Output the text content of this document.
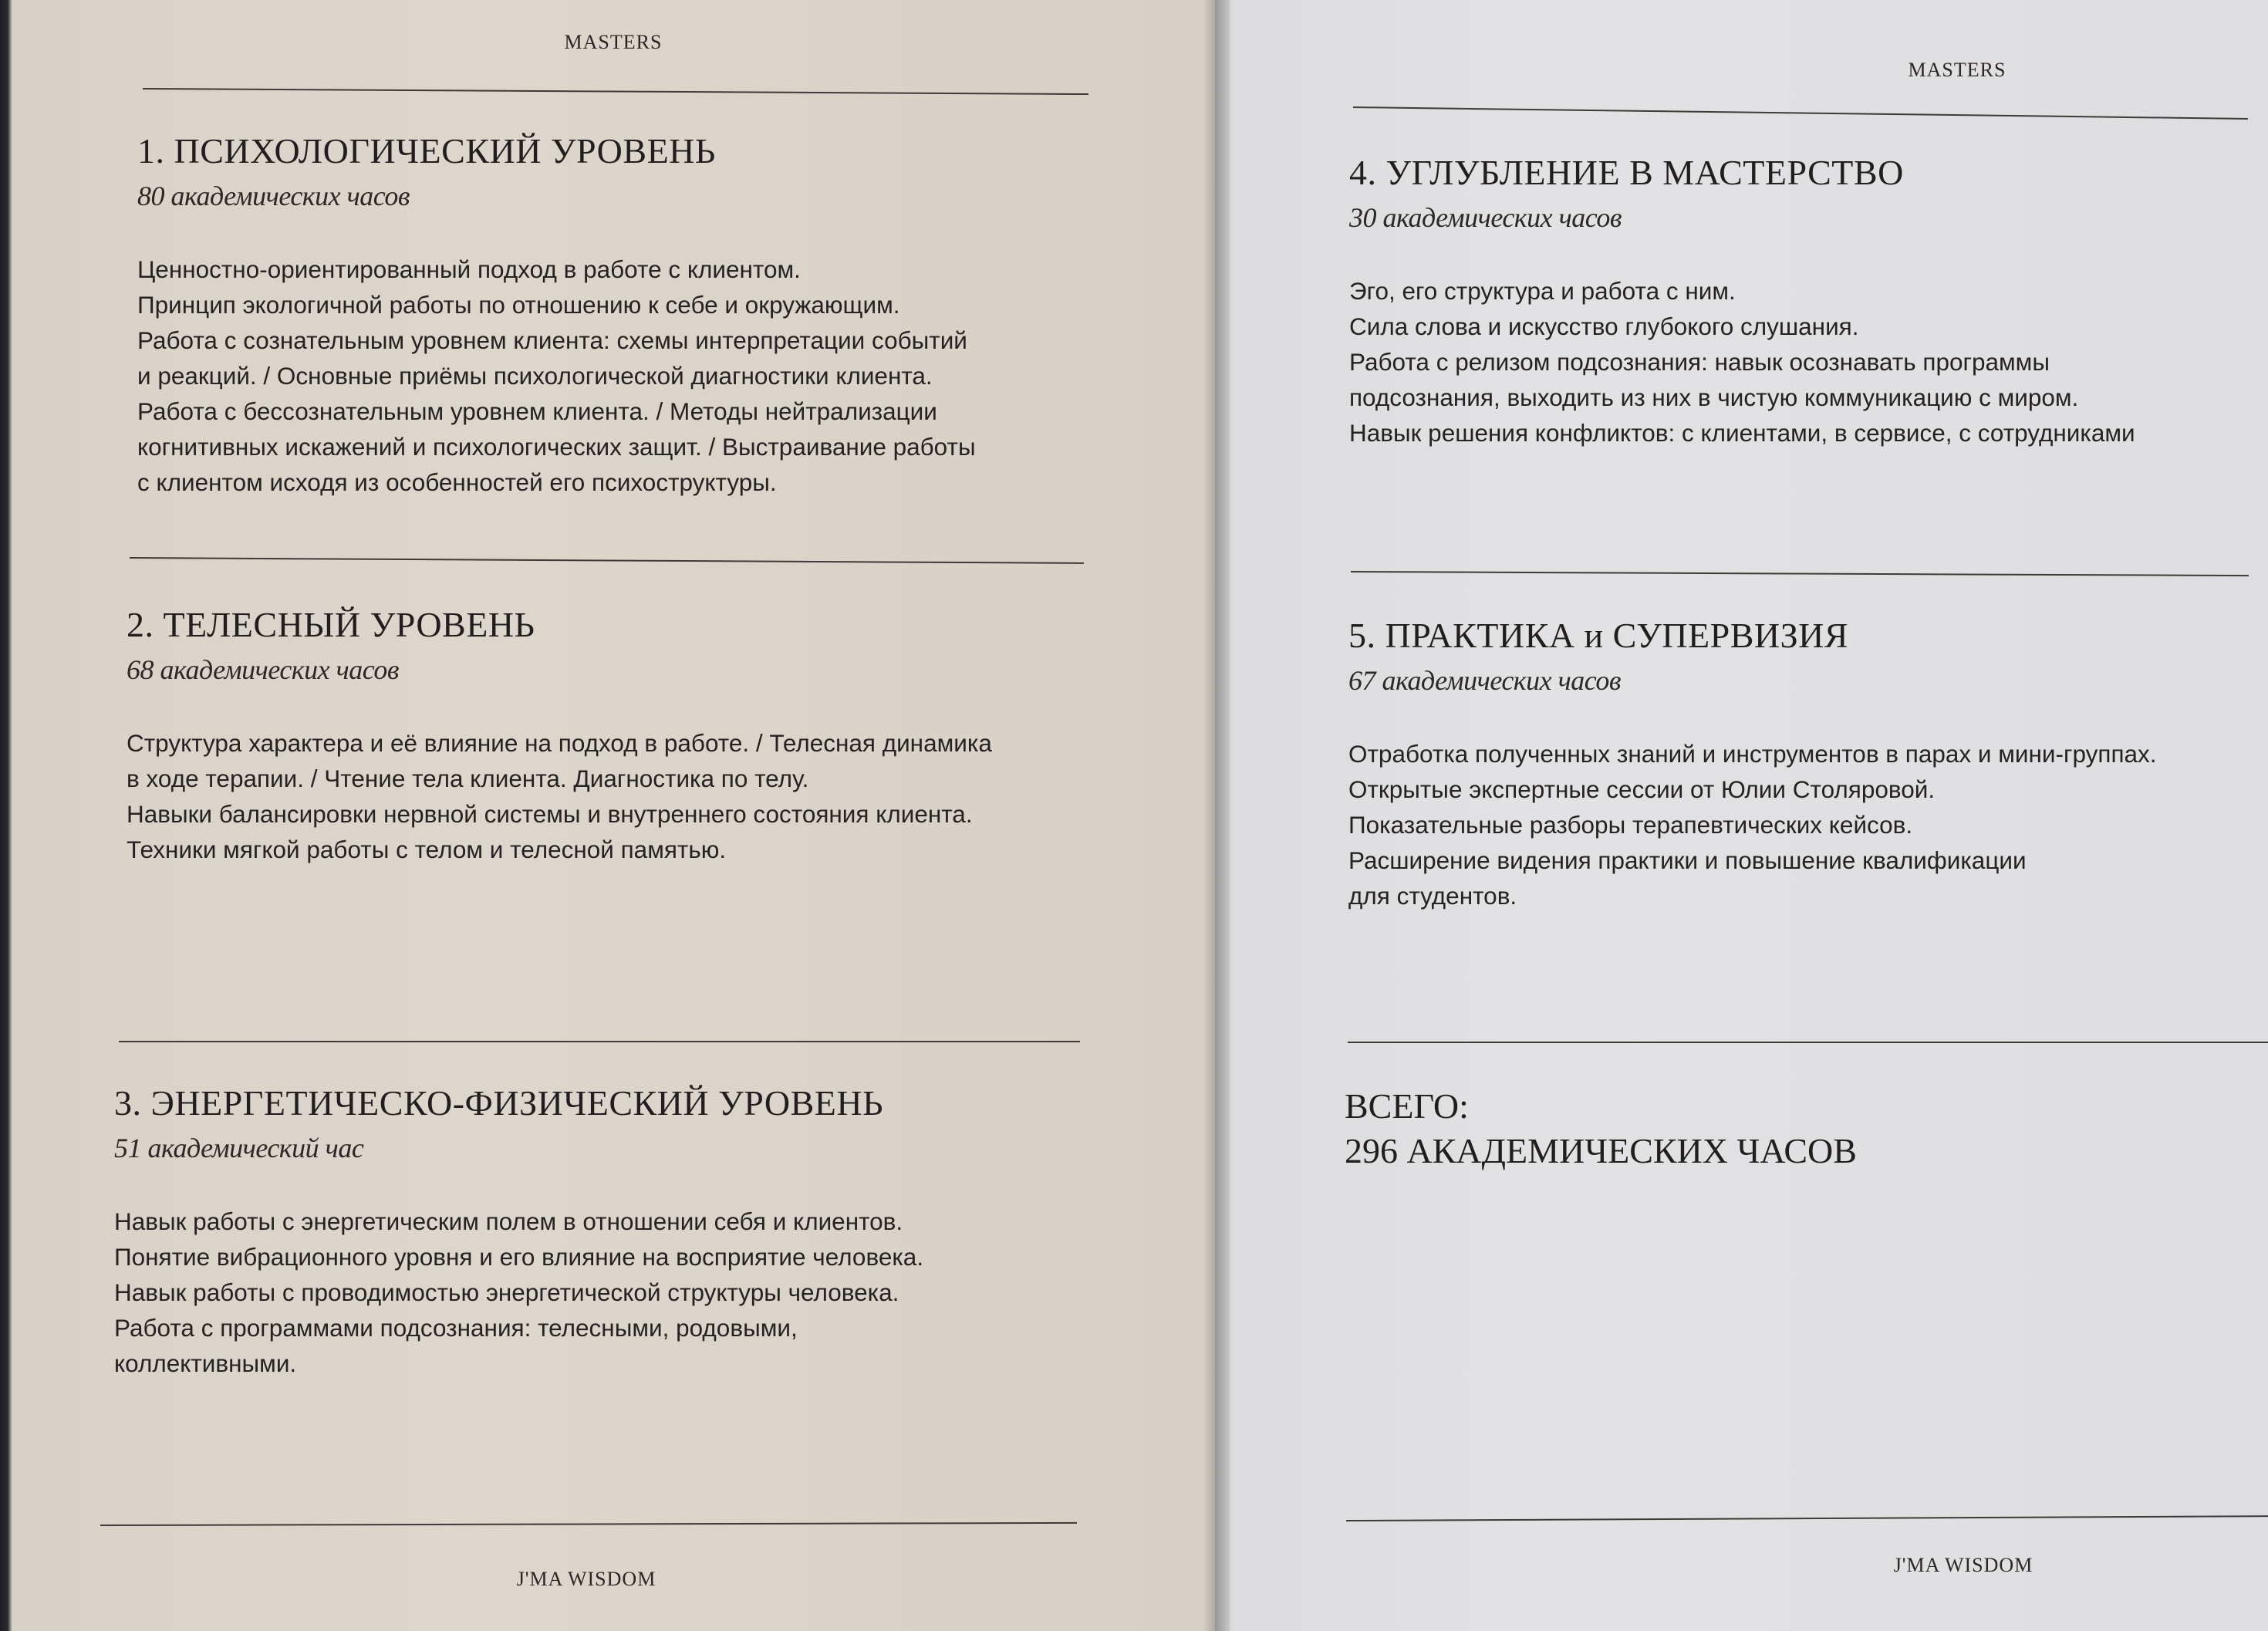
MASTERS
1. ПСИХОЛОГИЧЕСКИЙ УРОВЕНЬ
80 академических часов
Ценностно-ориентированный подход в работе с клиентом.
Принцип экологичной работы по отношению к себе и окружающим.
Работа с сознательным уровнем клиента: схемы интерпретации событий
и реакций. / Основные приёмы психологической диагностики клиента.
Работа с бессознательным уровнем клиента. / Методы нейтрализации
когнитивных искажений и психологических защит. / Выстраивание работы
с клиентом исходя из особенностей его психоструктуры.
2. ТЕЛЕСНЫЙ УРОВЕНЬ
68 академических часов
Структура характера и её влияние на подход в работе. / Телесная динамика
в ходе терапии. / Чтение тела клиента. Диагностика по телу.
Навыки балансировки нервной системы и внутреннего состояния клиента.
Техники мягкой работы с телом и телесной памятью.
3. ЭНЕРГЕТИЧЕСКО-ФИЗИЧЕСКИЙ УРОВЕНЬ
51 академический час
Навык работы с энергетическим полем в отношении себя и клиентов.
Понятие вибрационного уровня и его влияние на восприятие человека.
Навык работы с проводимостью энергетической структуры человека.
Работа с программами подсознания: телесными, родовыми,
коллективными.
J'MA WISDOM
MASTERS
4. УГЛУБЛЕНИЕ В МАСТЕРСТВО
30 академических часов
Эго, его структура и работа с ним.
Сила слова и искусство глубокого слушания.
Работа с релизом подсознания: навык осознавать программы
подсознания, выходить из них в чистую коммуникацию с миром.
Навык решения конфликтов: с клиентами, в сервисе, с сотрудниками
5. ПРАКТИКА и СУПЕРВИЗИЯ
67 академических часов
Отработка полученных знаний и инструментов в парах и мини-группах.
Открытые экспертные сессии от Юлии Столяровой.
Показательные разборы терапевтических кейсов.
Расширение видения практики и повышение квалификации
для студентов.
ВСЕГО:
296 АКАДЕМИЧЕСКИХ ЧАСОВ
J'MA WISDOM
